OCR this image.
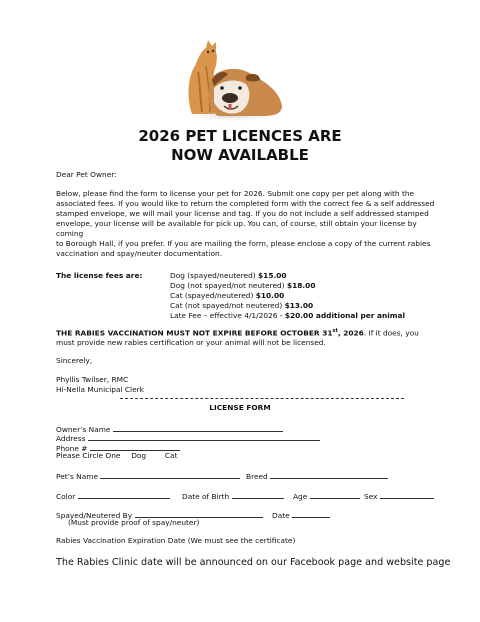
2026 PET LICENCES ARE
NOW AVAILABLE
Dear Pet Owner:
Below, please find the form to license your pet for 2026. Submit one copy per pet along with the
associated fees. If you would like to return the completed form with the correct fee & a self addressed
stamped envelope, we will mail your license and tag. If you do not include a self addressed stamped
envelope, your license will be available for pick up. You can, of course, still obtain your license by coming
to Borough Hall, if you prefer. If you are mailing the form, please enclose a copy of the current rabies
vaccination and spay/neuter documentation.
The license fees are:	Dog (spayed/neutered) $15.00
Dog (not spayed/not neutered) $18.00
Cat (spayed/neutered) $10.00
Cat (not spayed/not neutered) $13.00
Late Fee – effective 4/1/2026 - $20.00 additional per animal
THE RABIES VACCINATION MUST NOT EXPIRE BEFORE OCTOBER 31st, 2026. If it does, you
must provide new rabies certification or your animal will not be licensed.
Sincerely,
Phyllis Twilser, RMC
Hi-Nella Municipal Clerk
LICENSE FORM
Owner’s Name
Address
Phone #
Please Circle One Dog	Cat
Pet’s Name	Breed
Color	Date of Birth	Age	Sex
Spayed/Neutered By	Date
(Must provide proof of spay/neuter)
Rabies Vaccination Expiration Date (We must see the certificate)
The Rabies Clinic date will be announced on our Facebook page and website page
